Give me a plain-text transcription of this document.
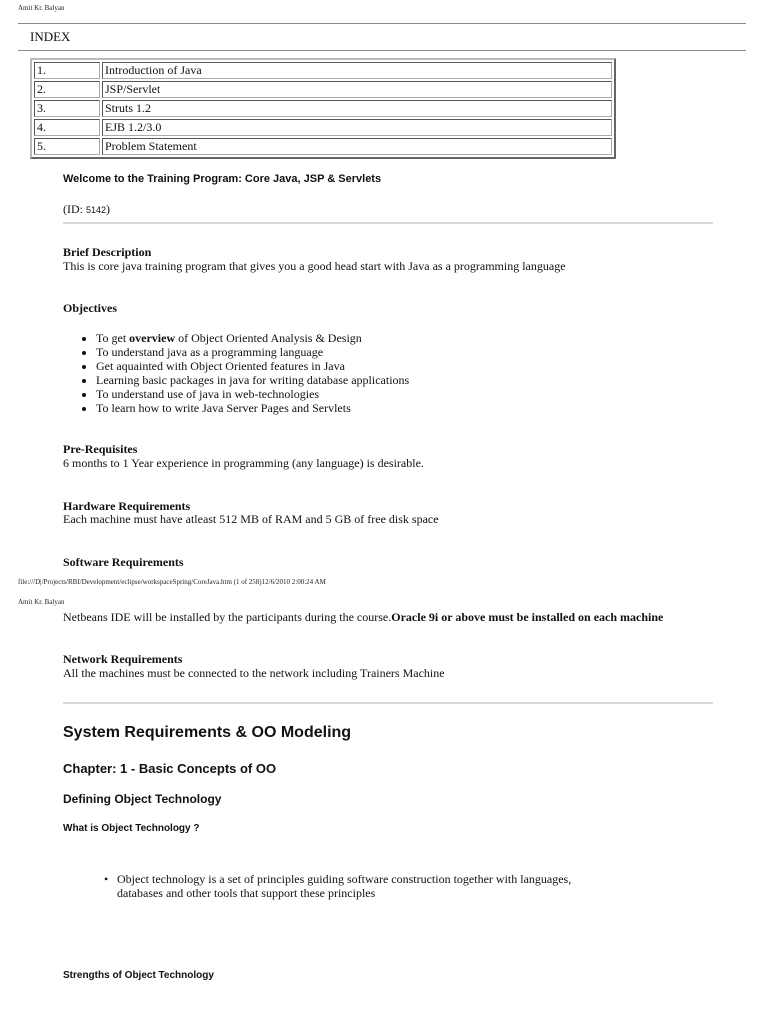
Amit Kr. Balyan
INDEX
1.	Introduction of Java
2.	JSP/Servlet
3.	Struts 1.2
4.	EJB 1.2/3.0
5.	Problem Statement
Welcome to the Training Program: Core Java, JSP & Servlets
(ID: 5142)
Brief Description
This is core java training program that gives you a good head start with Java as a programming language
Objectives
• To get overview of Object Oriented Analysis & Design
• To understand java as a programming language
• Get aquainted with Object Oriented features in Java
• Learning basic packages in java for writing database applications
• To understand use of java in web-technologies
• To learn how to write Java Server Pages and Servlets
Pre-Requisites
6 months to 1 Year experience in programming (any language) is desirable.
Hardware Requirements
Each machine must have atleast 512 MB of RAM and 5 GB of free disk space
Software Requirements
file:///D|/Projects/RBI/Development/eclipse/workspaceSpring/CoreJava.htm (1 of 258)12/6/2010 2:00:24 AM
Amit Kr. Balyan
Netbeans IDE will be installed by the participants during the course.Oracle 9i or above must be installed on each machine
Network Requirements
All the machines must be connected to the network including Trainers Machine
System Requirements & OO Modeling
Chapter: 1 - Basic Concepts of OO
Defining Object Technology
What is Object Technology ?
• Object technology is a set of principles guiding software construction together with languages,
databases and other tools that support these principles
Strengths of Object Technology
